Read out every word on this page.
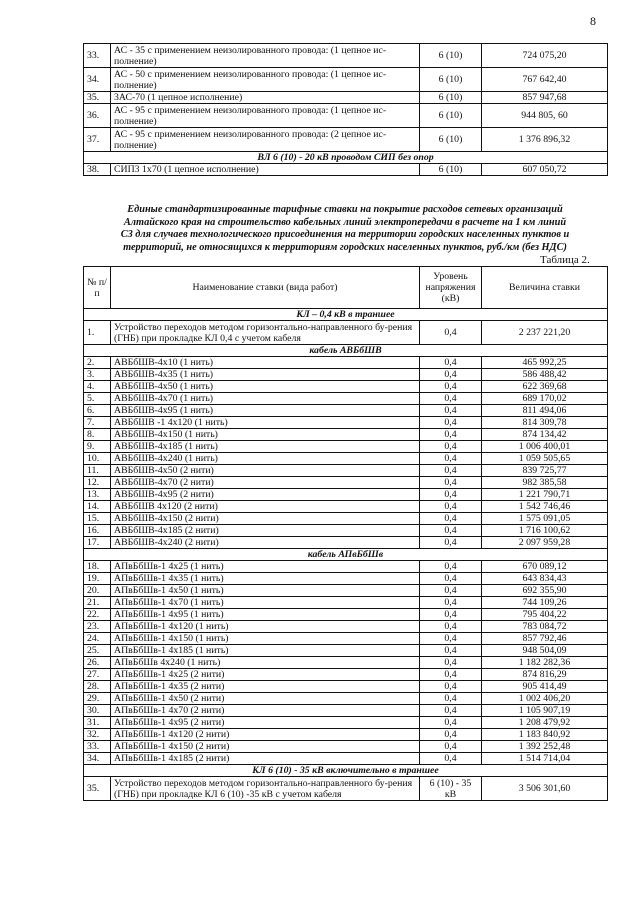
8
33.	АС - 35 с применением неизолированного провода: (1 цепное ис-полнение)	6 (10)	724 075,20
34.	АС - 50 с применением неизолированного провода: (1 цепное ис-полнение)	6 (10)	767 642,40
35.	3АС-70 (1 цепное исполнение)	6 (10)	857 947,68
36.	АС - 95 с применением неизолированного провода: (1 цепное ис-полнение)	6 (10)	944 805, 60
37.	АС - 95 с применением неизолированного провода: (2 цепное ис-полнение)	6 (10)	1 376 896,32
ВЛ 6 (10) - 20 кВ проводом СИП без опор			
38.	СИП3 1х70 (1 цепное исполнение)	6 (10)	607 050,72
Единые стандартизированные тарифные ставки на покрытие расходов сетевых организаций
Алтайского края на строительство кабельных линий электропередачи в расчете на 1 км линий
С3 для случаев технологического присоединения на территории городских населенных пунктов и
территорий, не относящихся к территориям городских населенных пунктов, руб./км (без НДС)
Таблица 2.
№ п/п	Наименование ставки (вида работ)	Уровень напряжения (кВ)	Величина ставки
КЛ – 0,4 кВ в траншее			
1.	Устройство переходов методом горизонтально-направленного бу-рения (ГНБ) при прокладке КЛ 0,4 с учетом кабеля	0,4	2 237 221,20
кабель АВБбШВ			
2.	АВБбШВ-4х10 (1 нить)	0,4	465 992,25
3.	АВБбШВ-4х35 (1 нить)	0,4	586 488,42
4.	АВБбШВ-4х50 (1 нить)	0,4	622 369,68
5.	АВБбШВ-4х70 (1 нить)	0,4	689 170,02
6.	АВБбШВ-4х95 (1 нить)	0,4	811 494,06
7.	АВБбШВ -1 4х120 (1 нить)	0,4	814 309,78
8.	АВБбШВ-4х150 (1 нить)	0,4	874 134,42
9.	АВБбШВ-4х185 (1 нить)	0,4	1 006 400,01
10.	АВБбШВ-4х240 (1 нить)	0,4	1 059 505,65
11.	АВБбШВ-4х50 (2 нити)	0,4	839 725,77
12.	АВБбШВ-4х70 (2 нити)	0,4	982 385,58
13.	АВБбШВ-4х95 (2 нити)	0,4	1 221 790,71
14.	АВБбШВ 4х120 (2 нити)	0,4	1 542 746,46
15.	АВБбШВ-4х150 (2 нити)	0,4	1 575 091,05
16.	АВБбШВ-4х185 (2 нити)	0,4	1 716 100,62
17.	АВБбШВ-4х240 (2 нити)	0,4	2 097 959,28
кабель АПвБбШв			
18.	АПвБбШв-1 4х25 (1 нить)	0,4	670 089,12
19.	АПвБбШв-1 4х35 (1 нить)	0,4	643 834,43
20.	АПвБбШв-1 4х50 (1 нить)	0,4	692 355,90
21.	АПвБбШв-1 4х70 (1 нить)	0,4	744 109,26
22.	АПвБбШв-1 4х95 (1 нить)	0,4	795 404,22
23.	АПвБбШв-1 4х120 (1 нить)	0,4	783 084,72
24.	АПвБбШв-1 4х150 (1 нить)	0,4	857 792,46
25.	АПвБбШв-1 4х185 (1 нить)	0,4	948 504,09
26.	АПвБбШв 4х240 (1 нить)	0,4	1 182 282,36
27.	АПвБбШв-1 4х25 (2 нити)	0,4	874 816,29
28.	АПвБбШв-1 4х35 (2 нити)	0,4	905 414,49
29.	АПвБбШв-1 4х50 (2 нити)	0,4	1 002 406,20
30.	АПвБбШв-1 4х70 (2 нити)	0,4	1 105 907,19
31.	АПвБбШв-1 4х95 (2 нити)	0,4	1 208 479,92
32.	АПвБбШв-1 4х120 (2 нити)	0,4	1 183 840,92
33.	АПвБбШв-1 4х150 (2 нити)	0,4	1 392 252,48
34.	АПвБбШв-1 4х185 (2 нити)	0,4	1 514 714,04
КЛ 6 (10) - 35 кВ включительно в траншее			
35.	Устройство переходов методом горизонтально-направленного бу-рения (ГНБ) при прокладке КЛ 6 (10) -35 кВ с учетом кабеля	6 (10) - 35 кВ	3 506 301,60
